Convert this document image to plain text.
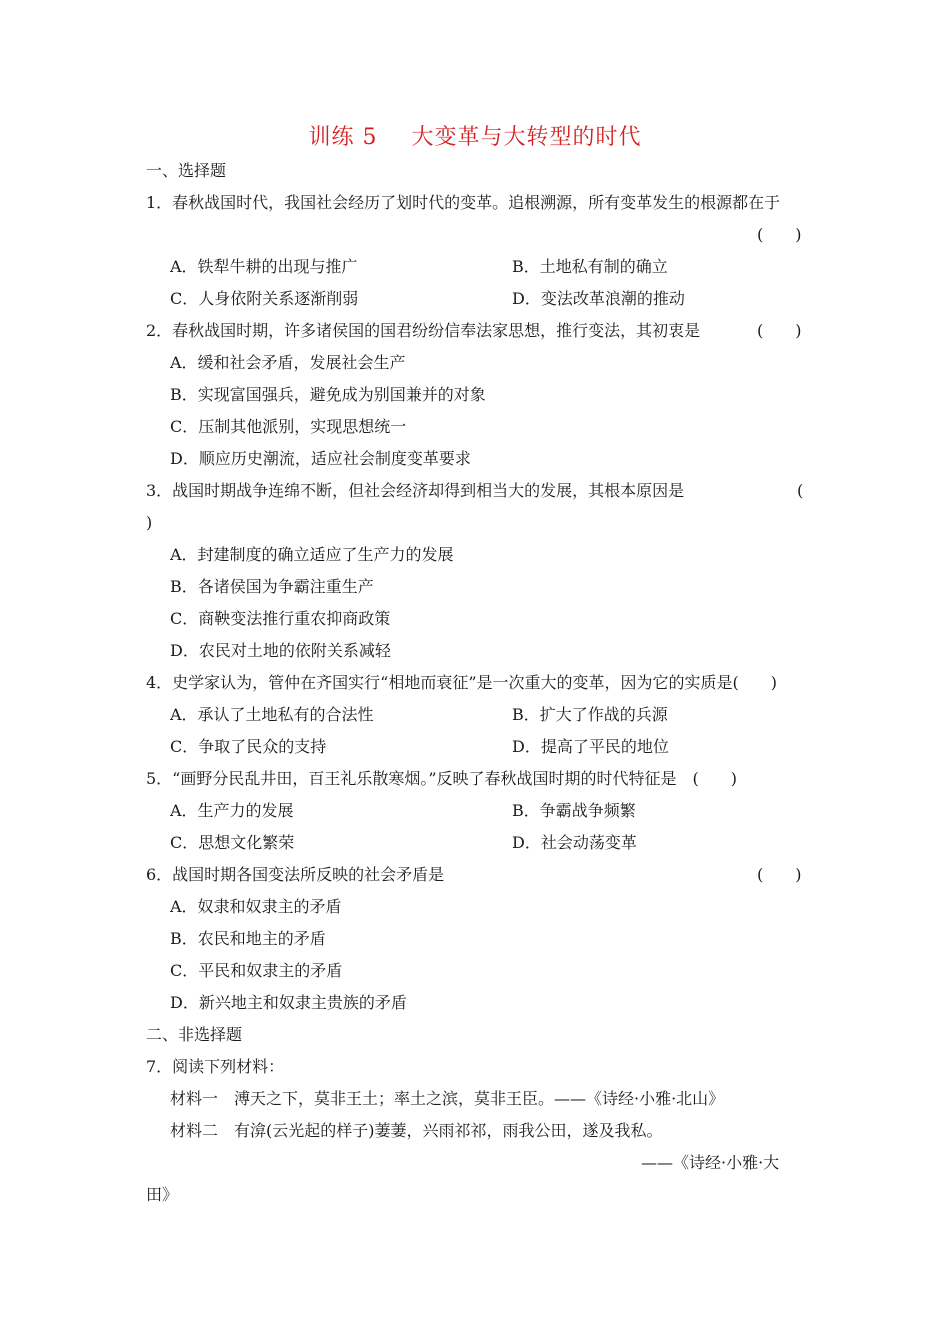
训练 5 大变革与大转型的时代
一、选择题
1．春秋战国时代，我国社会经历了划时代的变革。追根溯源，所有变革发生的根源都在于
(　　)
A．铁犁牛耕的出现与推广	B．土地私有制的确立
C．人身依附关系逐渐削弱	D．变法改革浪潮的推动
2．春秋战国时期，许多诸侯国的国君纷纷信奉法家思想，推行变法，其初衷是	(　　)
A．缓和社会矛盾，发展社会生产
B．实现富国强兵，避免成为别国兼并的对象
C．压制其他派别，实现思想统一
D．顺应历史潮流，适应社会制度变革要求
3．战国时期战争连绵不断，但社会经济却得到相当大的发展，其根本原因是	(
)
A．封建制度的确立适应了生产力的发展
B．各诸侯国为争霸注重生产
C．商鞅变法推行重农抑商政策
D．农民对土地的依附关系减轻
4．史学家认为，管仲在齐国实行“相地而衰征”是一次重大的变革，因为它的实质是(　　)
A．承认了土地私有的合法性	B．扩大了作战的兵源
C．争取了民众的支持	D．提高了平民的地位
5．“画野分民乱井田，百王礼乐散寒烟。”反映了春秋战国时期的时代特征是　(　　)
A．生产力的发展	B．争霸战争频繁
C．思想文化繁荣	D．社会动荡变革
6．战国时期各国变法所反映的社会矛盾是	(　　)
A．奴隶和奴隶主的矛盾
B．农民和地主的矛盾
C．平民和奴隶主的矛盾
D．新兴地主和奴隶主贵族的矛盾
二、非选择题
7．阅读下列材料：
材料一　溥天之下，莫非王土；率土之滨，莫非王臣。——《诗经·小雅·北山》
材料二　有渰(云光起的样子)萋萋，兴雨祁祁，雨我公田，遂及我私。
——《诗经·小雅·大
田》
